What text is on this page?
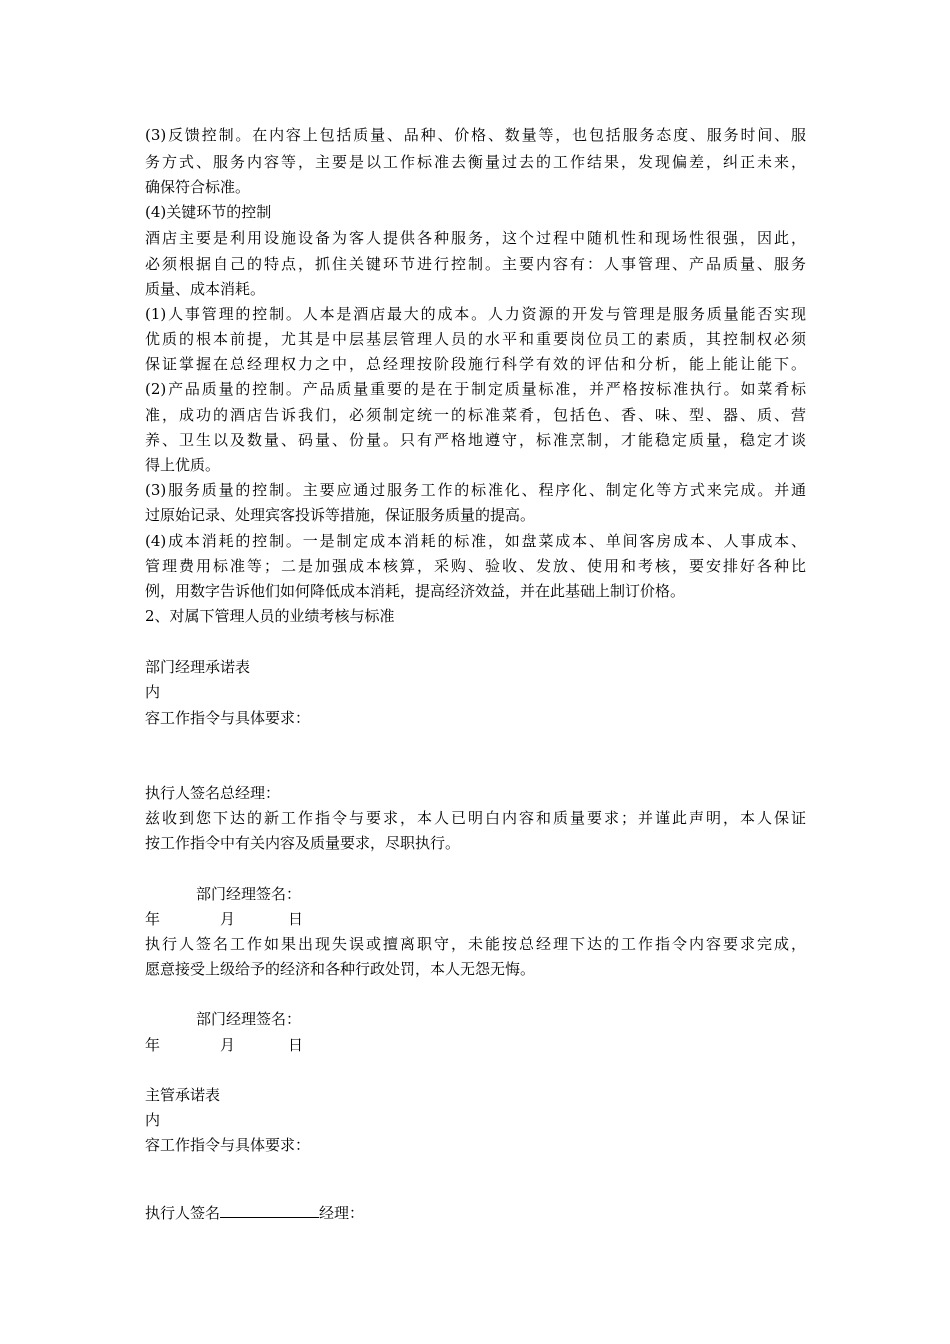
(3)反馈控制。在内容上包括质量、品种、价格、数量等，也包括服务态度、服务时间、服
务方式、服务内容等，主要是以工作标准去衡量过去的工作结果，发现偏差，纠正未来，
确保符合标准。
(4)关键环节的控制
酒店主要是利用设施设备为客人提供各种服务，这个过程中随机性和现场性很强，因此，
必须根据自己的特点，抓住关键环节进行控制。主要内容有：人事管理、产品质量、服务
质量、成本消耗。
(1)人事管理的控制。人本是酒店最大的成本。人力资源的开发与管理是服务质量能否实现
优质的根本前提，尤其是中层基层管理人员的水平和重要岗位员工的素质，其控制权必须
保证掌握在总经理权力之中，总经理按阶段施行科学有效的评估和分析，能上能让能下。
(2)产品质量的控制。产品质量重要的是在于制定质量标准，并严格按标准执行。如菜肴标
准，成功的酒店告诉我们，必须制定统一的标准菜肴，包括色、香、味、型、器、质、营
养、卫生以及数量、码量、份量。只有严格地遵守，标准烹制，才能稳定质量，稳定才谈
得上优质。
(3)服务质量的控制。主要应通过服务工作的标准化、程序化、制定化等方式来完成。并通
过原始记录、处理宾客投诉等措施，保证服务质量的提高。
(4)成本消耗的控制。一是制定成本消耗的标准，如盘菜成本、单间客房成本、人事成本、
管理费用标准等；二是加强成本核算，采购、验收、发放、使用和考核，要安排好各种比
例，用数字告诉他们如何降低成本消耗，提高经济效益，并在此基础上制订价格。
2、对属下管理人员的业绩考核与标准
部门经理承诺表
内
容工作指令与具体要求：
执行人签名总经理：
兹收到您下达的新工作指令与要求，本人已明白内容和质量要求；并谨此声明，本人保证
按工作指令中有关内容及质量要求，尽职执行。
部门经理签名：
年	月	日
执行人签名工作如果出现失误或擅离职守，未能按总经理下达的工作指令内容要求完成，
愿意接受上级给予的经济和各种行政处罚，本人无怨无悔。
部门经理签名：
年	月	日
主管承诺表
内
容工作指令与具体要求：
执行人签名	经理：
